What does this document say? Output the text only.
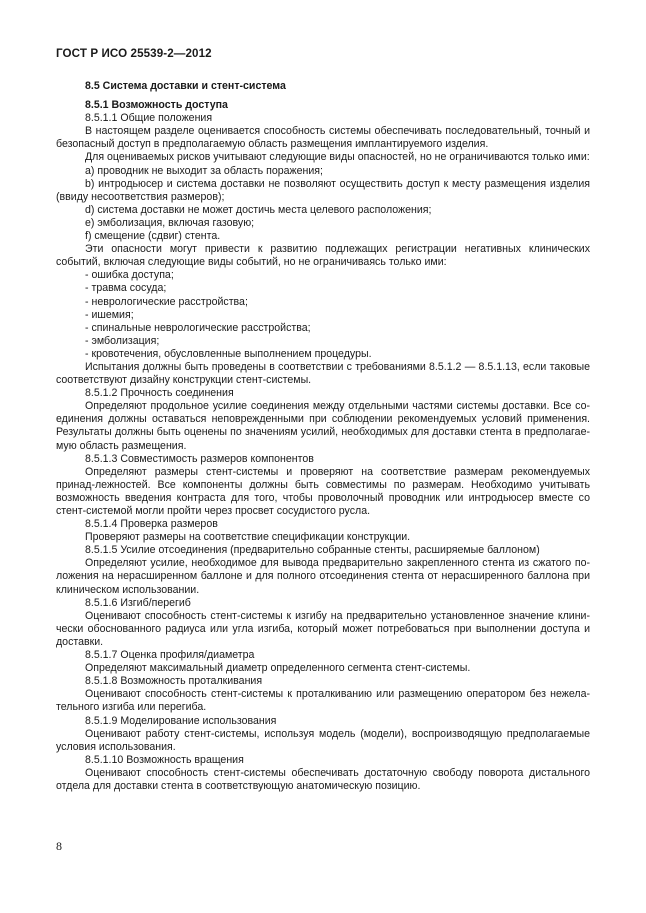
ГОСТ Р ИСО 25539-2—2012

8.5 Система доставки и стент-система

8.5.1 Возможность доступа

8.5.1.1 Общие положения

В настоящем разделе оценивается способность системы обеспечивать последовательный, точный и безопасный доступ в предполагаемую область размещения имплантируемого изделия.

Для оцениваемых рисков учитывают следующие виды опасностей, но не ограничиваются только ими:

а) проводник не выходит за область поражения;

b) интродьюсер и система доставки не позволяют осуществить доступ к месту размещения изделия (ввиду несоответствия размеров);

d) система доставки не может достичь места целевого расположения;

е) эмболизация, включая газовую;

f) смещение (сдвиг) стента.

Эти опасности могут привести к развитию подлежащих регистрации негативных клинических событий, включая следующие виды событий, но не ограничиваясь только ими:

- ошибка доступа;

- травма сосуда;

- неврологические расстройства;

- ишемия;

- спинальные неврологические расстройства;

- эмболизация;

- кровотечения, обусловленные выполнением процедуры.

Испытания должны быть проведены в соответствии с требованиями 8.5.1.2 — 8.5.1.13, если таковые соответствуют дизайну конструкции стент-системы.

8.5.1.2 Прочность соединения

Определяют продольное усилие соединения между отдельными частями системы доставки. Все со-единения должны оставаться неповрежденными при соблюдении рекомендуемых условий применения. Результаты должны быть оценены по значениям усилий, необходимых для доставки стента в предполагае-мую область размещения.

8.5.1.3 Совместимость размеров компонентов

Определяют размеры стент-системы и проверяют на соответствие размерам рекомендуемых принад-лежностей. Все компоненты должны быть совместимы по размерам. Необходимо учитывать возможность введения контраста для того, чтобы проволочный проводник или интродьюсер вместе со стент-системой могли пройти через просвет сосудистого русла.

8.5.1.4 Проверка размеров

Проверяют размеры на соответствие спецификации конструкции.

8.5.1.5 Усилие отсоединения (предварительно собранные стенты, расширяемые баллоном)

Определяют усилие, необходимое для вывода предварительно закрепленного стента из сжатого по-ложения на нерасширенном баллоне и для полного отсоединения стента от нерасширенного баллона при клиническом использовании.

8.5.1.6 Изгиб/перегиб

Оценивают способность стент-системы к изгибу на предварительно установленное значение клини-чески обоснованного радиуса или угла изгиба, который может потребоваться при выполнении доступа и доставки.

8.5.1.7 Оценка профиля/диаметра

Определяют максимальный диаметр определенного сегмента стент-системы.

8.5.1.8 Возможность проталкивания

Оценивают способность стент-системы к проталкиванию или размещению оператором без нежела-тельного изгиба или перегиба.

8.5.1.9 Моделирование использования

Оценивают работу стент-системы, используя модель (модели), воспроизводящую предполагаемые условия использования.

8.5.1.10 Возможность вращения

Оценивают способность стент-системы обеспечивать достаточную свободу поворота дистального отдела для доставки стента в соответствующую анатомическую позицию.

8
